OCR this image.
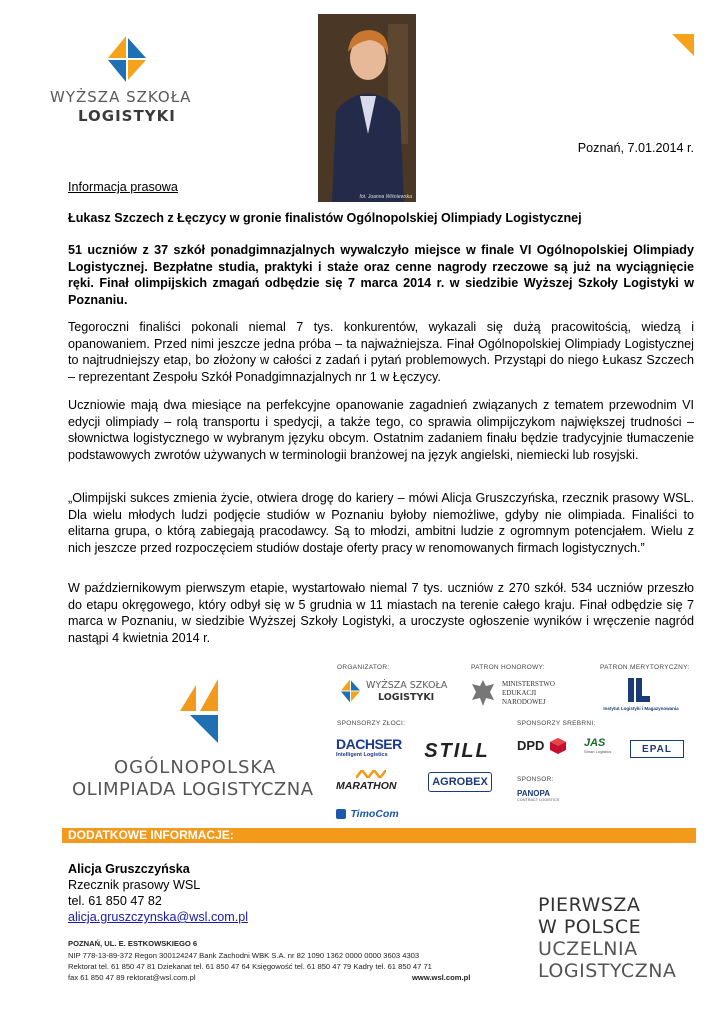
WYŻSZA SZKOŁA
LOGISTYKI
fot. Joanna Wiśniewska
Poznań, 7.01.2014 r.
Informacja prasowa
Łukasz Szczech z Łęczycy w gronie finalistów Ogólnopolskiej Olimpiady Logistycznej
51 uczniów z 37 szkół ponadgimnazjalnych wywalczyło miejsce w finale VI Ogólnopolskiej Olimpiady Logistycznej. Bezpłatne studia, praktyki i staże oraz cenne nagrody rzeczowe są już na wyciągnięcie ręki. Finał olimpijskich zmagań odbędzie się 7 marca 2014 r. w siedzibie Wyższej Szkoły Logistyki w Poznaniu.
Tegoroczni finaliści pokonali niemal 7 tys. konkurentów, wykazali się dużą pracowitością, wiedzą i opanowaniem. Przed nimi jeszcze jedna próba – ta najważniejsza. Finał Ogólnopolskiej Olimpiady Logistycznej to najtrudniejszy etap, bo złożony w całości z zadań i pytań problemowych. Przystąpi do niego Łukasz Szczech – reprezentant Zespołu Szkół Ponadgimnazjalnych nr 1 w Łęczycy.
Uczniowie mają dwa miesiące na perfekcyjne opanowanie zagadnień związanych z tematem przewodnim VI edycji olimpiady – rolą transportu i spedycji, a także tego, co sprawia olimpijczykom największej trudności – słownictwa logistycznego w wybranym języku obcym. Ostatnim zadaniem finału będzie tradycyjnie tłumaczenie podstawowych zwrotów używanych w terminologii branżowej na język angielski, niemiecki lub rosyjski.
„Olimpijski sukces zmienia życie, otwiera drogę do kariery – mówi Alicja Gruszczyńska, rzecznik prasowy WSL. Dla wielu młodych ludzi podjęcie studiów w Poznaniu byłoby niemożliwe, gdyby nie olimpiada. Finaliści to elitarna grupa, o którą zabiegają pracodawcy. Są to młodzi, ambitni ludzie z ogromnym potencjałem. Wielu z nich jeszcze przed rozpoczęciem studiów dostaje oferty pracy w renomowanych firmach logistycznych.”
W październikowym pierwszym etapie, wystartowało niemal 7 tys. uczniów z 270 szkół. 534 uczniów przeszło do etapu okręgowego, który odbył się w 5 grudnia w 11 miastach na terenie całego kraju. Finał odbędzie się 7 marca w Poznaniu, w siedzibie Wyższej Szkoły Logistyki, a uroczyste ogłoszenie wyników i wręczenie nagród nastąpi 4 kwietnia 2014 r.
OGÓLNOPOLSKA
OLIMPIADA LOGISTYCZNA
ORGANIZATOR:	PATRON HONOROWY:	PATRON MERYTORYCZNY:
SPONSORZY ZŁOCI:	SPONSORZY SREBRNI:
SPONSOR:
WYŻSZA SZKOŁA
LOGISTYKI
MINISTERSTWO
EDUKACJI
NARODOWEJ
Instytut Logistyki i Magazynowania
DACHSER
Intelligent Logistics	STILL
MARATHON	AGROBEX
TimoCom
DPD	JAS
Smart Logistics	EPAL
PANOPA
CONTRACT LOGISTICS
DODATKOWE INFORMACJE:
Alicja Gruszczyńska
Rzecznik prasowy WSL
tel. 61 850 47 82
alicja.gruszczynska@wsl.com.pl
POZNAŃ, UL. E. ESTKOWSKIEGO 6
NIP 778-13-89-372 Regon 300124247 Bank Zachodni WBK S.A. nr 82 1090 1362 0000 0000 3603 4303
Rektorat tel. 61 850 47 81 Dziekanat tel. 61 850 47 64 Księgowość tel. 61 850 47 79 Kadry tel. 61 850 47 71
fax 61 850 47 89 rektorat@wsl.com.pl	www.wsl.com.pl
PIERWSZA
W POLSCE
UCZELNIA
LOGISTYCZNA
